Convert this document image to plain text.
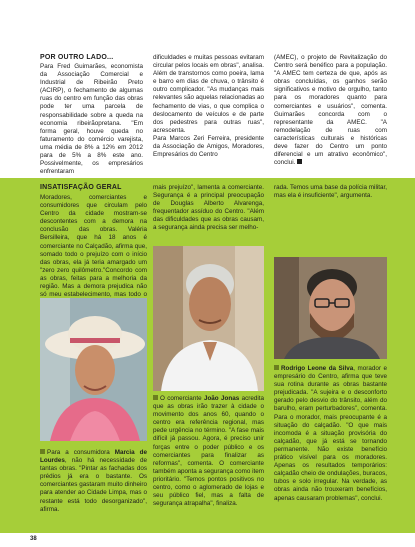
POR OUTRO LADO...

Para Fred Guimarães, economista da Associação Comercial e Industrial de Ribeirão Preto (ACIRP), o fechamento de algumas ruas do centro em função das obras pode ter uma parcela de responsabilidade sobre a queda na economia ribeirãopretana. "Em forma geral, houve queda no faturamento do comércio varejista, uma média de 8% a 12% em 2012 para de 5% a 8% este ano. Possivelmente, os empresários enfrentaram

dificuldades e muitas pessoas evitaram circular pelos locais em obras", analisa. Além de transtornos como poeira, lama e barro em dias de chuva, o trânsito é outro complicador. "As mudanças mais relevantes são aquelas relacionadas ao fechamento de vias, o que complica o deslocamento de veículos e de parte dos pedestres para outras ruas", acrescenta.
Para Marcos Zeri Ferreira, presidente da Associação de Amigos, Moradores, Empresários do Centro

(AMEC), o projeto de Revitalização do Centro será benéfico para a população. "A AMEC tem certeza de que, após as obras concluídas, os ganhos serão significativos e motivo de orgulho, tanto para os moradores quanto para comerciantes e usuários", comenta. Guimarães concorda com o representante da AMEC. "A remodelação de ruas com características culturais e históricas deve fazer do Centro um ponto diferencial e um atrativo econômico", conclui.

INSATISFAÇÃO GERAL

Moradores, comerciantes e consumidores que circulam pelo Centro da cidade mostram-se descontentes com a demora na conclusão das obras. Valéria Bersilleira, que há 18 anos é comerciante no Calçadão, afirma que, somado todo o prejuízo com o início das obras, ela já teria amargado um "zero zero quilômetro."Concordo com as obras, feitas para a melhoria da região. Mas a demora prejudica não só meu estabelecimento, mas todo o

mais prejuízo", lamenta a comerciante. Segurança é a principal preocupação de Douglas Alberto Alvarenga, frequentador assíduo do Centro. "Além das dificuldades que as obras causam, a segurança ainda precisa ser melho-

rada. Temos uma base da polícia militar, mas ela é insuficiente", argumenta.

Para a consumidora Marcia de Lourdes, não há necessidade de tantas obras. "Pintar as fachadas dos prédios já era o bastante. Os comerciantes gastaram muito dinheiro para atender ao Cidade Limpa, mas o restante está todo desorganizado", afirma.
O comerciante João Jonas acredita que as obras irão trazer à cidade o movimento dos anos 60, quando o centro era referência regional, mas pede urgência no término. "A fase mais difícil já passou. Agora, é preciso unir forças entre o poder público e os comerciantes para finalizar as reformas", comenta. O comerciante também aponta a segurança como item prioritário. "Temos pontos positivos no centro, como o aglomerado de lojas e seu público fiel, mas a falta de segurança atrapalha", finaliza.
Rodrigo Leone da Silva, morador e empresário do Centro, afirma que teve sua rotina durante as obras bastante prejudicada. "A sujeira e o desconforto gerado pelo desvio do trânsito, além do barulho, eram perturbadores", comenta. Para o morador, mais preocupante é a situação do calçadão. "O que mais incomoda é a situação provisória do calçadão, que já está se tornando permanente. Não existe benefício prático visível para os moradores. Apenas os resultados temporários: calçadão cheio de ondulações, buracos, tubos e solo irregular. Na verdade, as obras ainda não trouxeram benefícios, apenas causaram problemas", conclui.
38
